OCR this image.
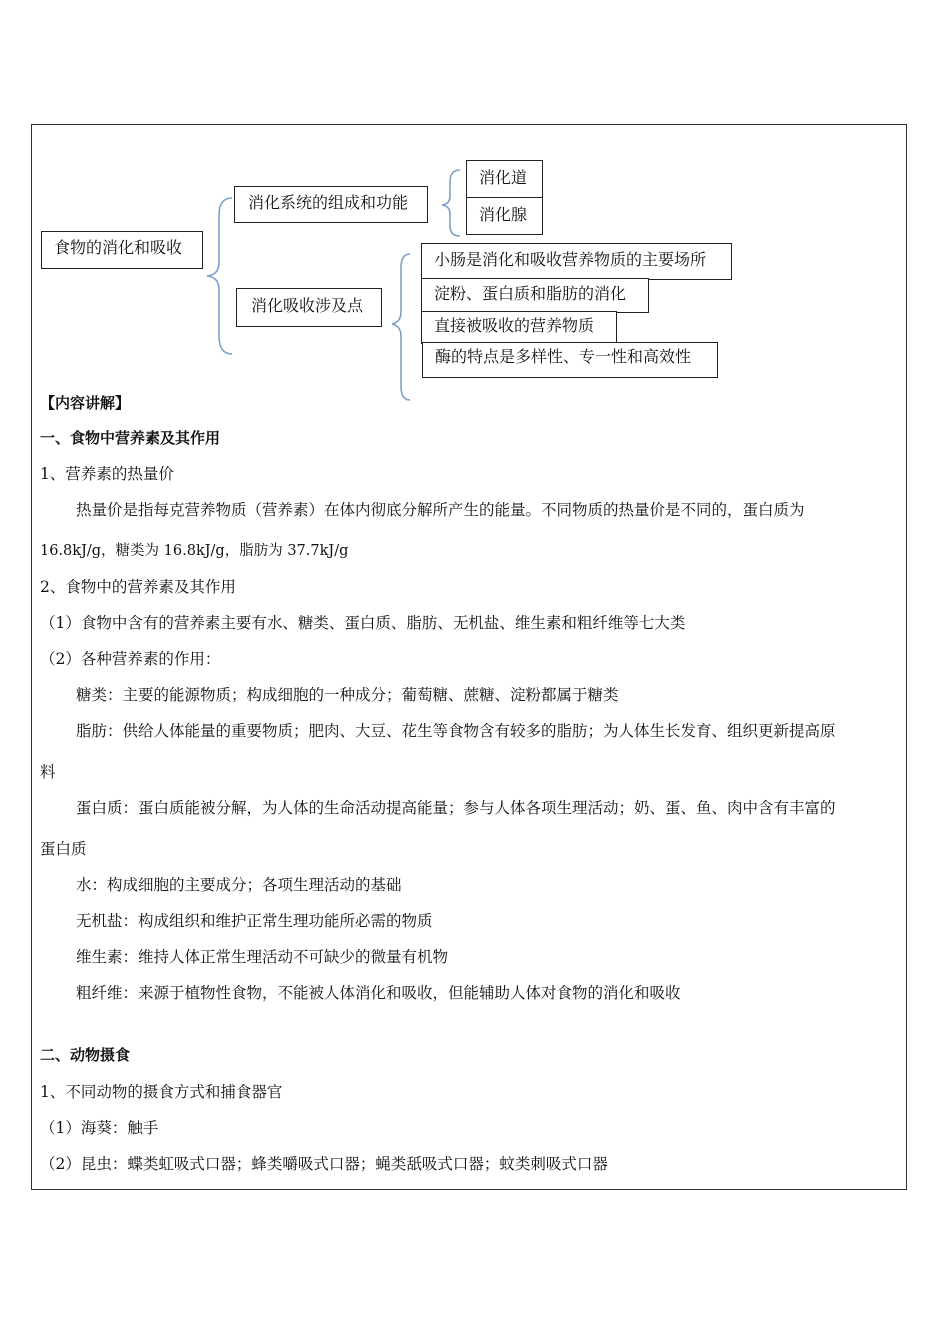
食物的消化和吸收
消化系统的组成和功能
消化道
消化腺
消化吸收涉及点
小肠是消化和吸收营养物质的主要场所
淀粉、蛋白质和脂肪的消化
直接被吸收的营养物质
酶的特点是多样性、专一性和高效性
【内容讲解】
一、食物中营养素及其作用
1、营养素的热量价
热量价是指每克营养物质（营养素）在体内彻底分解所产生的能量。不同物质的热量价是不同的，蛋白质为
16.8kJ/g，糖类为 16.8kJ/g，脂肪为 37.7kJ/g
2、食物中的营养素及其作用
（1）食物中含有的营养素主要有水、糖类、蛋白质、脂肪、无机盐、维生素和粗纤维等七大类
（2）各种营养素的作用：
糖类：主要的能源物质；构成细胞的一种成分；葡萄糖、蔗糖、淀粉都属于糖类
脂肪：供给人体能量的重要物质；肥肉、大豆、花生等食物含有较多的脂肪；为人体生长发育、组织更新提高原
料
蛋白质：蛋白质能被分解，为人体的生命活动提高能量；参与人体各项生理活动；奶、蛋、鱼、肉中含有丰富的
蛋白质
水：构成细胞的主要成分；各项生理活动的基础
无机盐：构成组织和维护正常生理功能所必需的物质
维生素：维持人体正常生理活动不可缺少的微量有机物
粗纤维：来源于植物性食物，不能被人体消化和吸收，但能辅助人体对食物的消化和吸收
二、动物摄食
1、不同动物的摄食方式和捕食器官
（1）海葵：触手
（2）昆虫：蝶类虹吸式口器；蜂类嚼吸式口器；蝇类舐吸式口器；蚊类刺吸式口器
